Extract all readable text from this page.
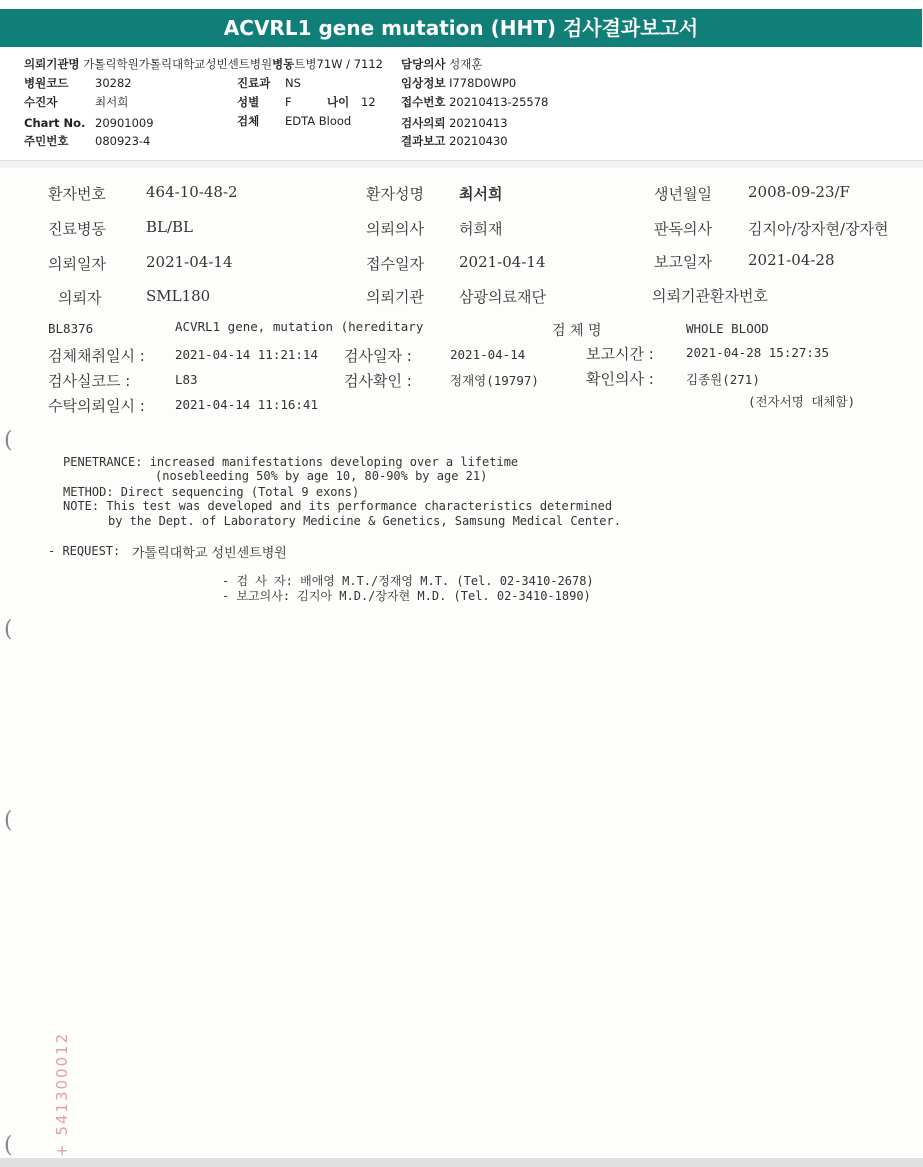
ACVRL1 gene mutation (HHT) 검사결과보고서
의뢰기관명 가톨릭학원가톨릭대학교성빈센트병원병동트병71W / 7112 담당의사 성재훈
병원코드 30282	진료과 NS	임상정보 I778D0WP0
수진자	최서희	성별 F	나이 12 접수번호 20210413-25578
Chart No. 20901009	검체 EDTA Blood	검사의뢰 20210413
주민번호 080923-4	결과보고 20210430
환자번호	464-10-48-2	환자성명 최서희	생년월일 2008-09-23/F
진료병동	BL/BL	의뢰의사 허희재	판독의사 김지아/장자현/장자현
의뢰일자	2021-04-14	접수일자 2021-04-14	보고일자 2021-04-28
의뢰자	SML180	의뢰기관 삼광의료재단	의뢰기관환자번호
BL8376	ACVRL1 gene, mutation (hereditary	검 체 명	WHOLE BLOOD
검체채취일시 : 2021-04-14 11:21:14 검사일자 :	2021-04-14	보고시간 :	2021-04-28 15:27:35
검사실코드 :	L83	검사확인 :	정재영(19797)	확인의사 :	김종원(271)
수탁의뢰일시 : 2021-04-14 11:16:41	(전자서명 대체함)
PENETRANCE: increased manifestations developing over a lifetime
(nosebleeding 50% by age 10, 80-90% by age 21)
METHOD: Direct sequencing (Total 9 exons)
NOTE: This test was developed and its performance characteristics determined
by the Dept. of Laboratory Medicine & Genetics, Samsung Medical Center.
- REQUEST: 가톨릭대학교 성빈센트병원
- 검 사 자: 배애영 M.T./정재영 M.T. (Tel. 02-3410-2678)
- 보고의사: 김지아 M.D./장자현 M.D. (Tel. 02-3410-1890)
(
(
(
(	+ 541300012
